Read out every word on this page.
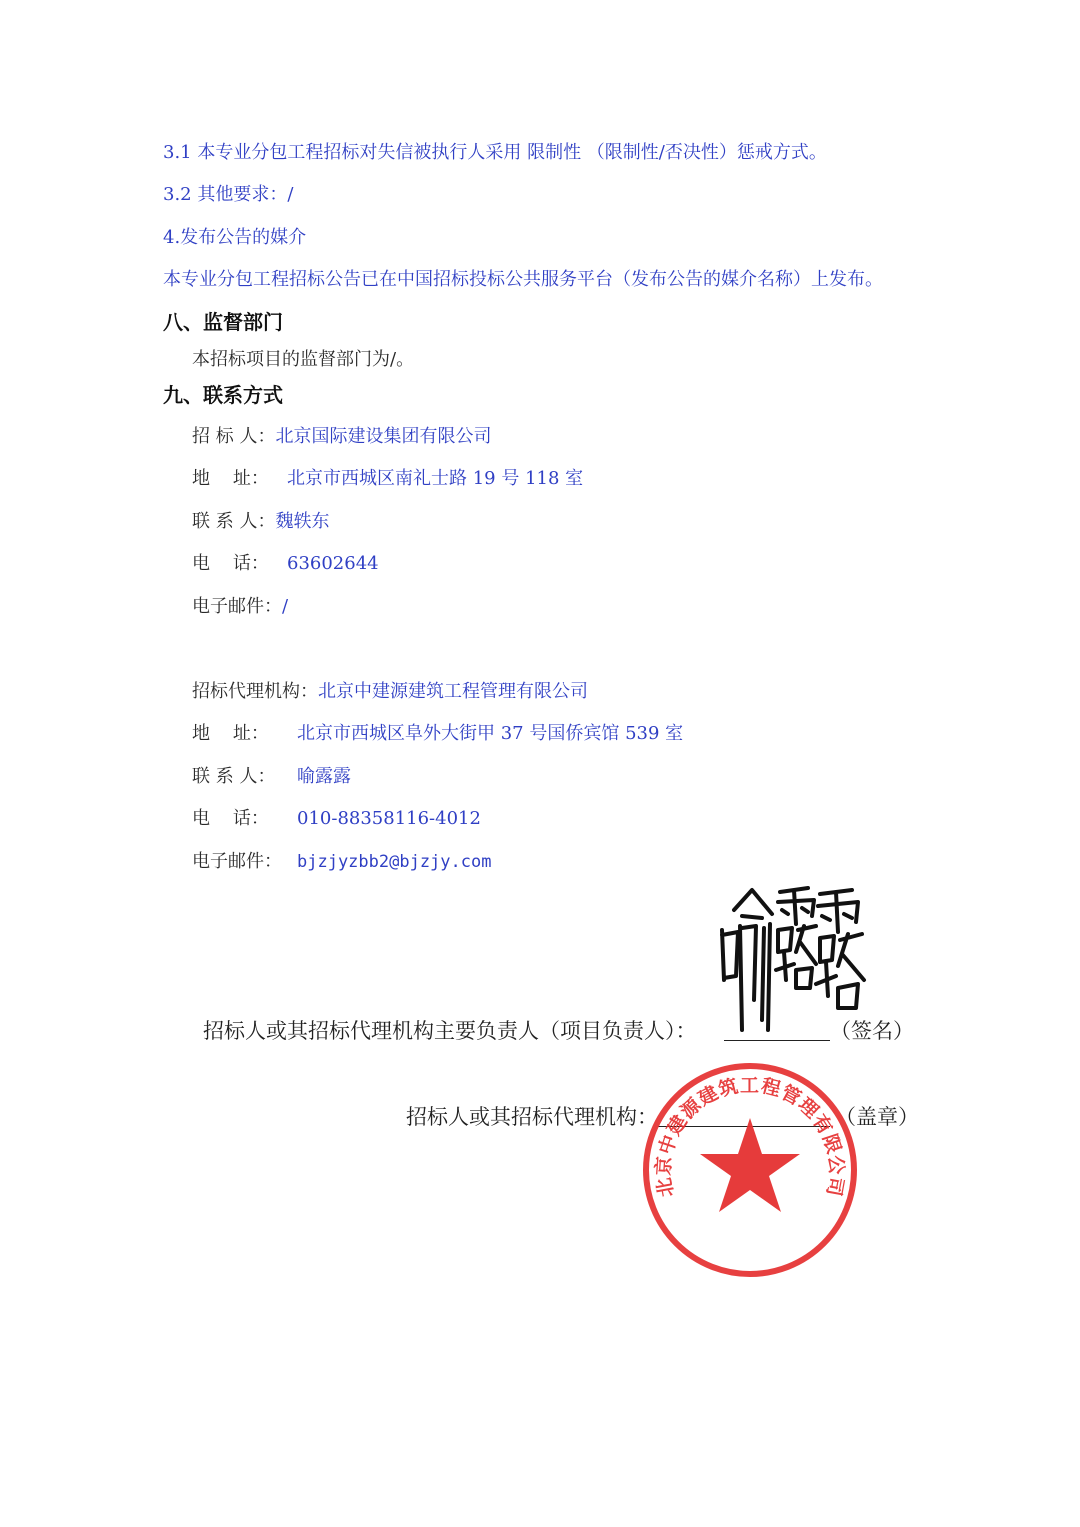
3.1 本专业分包工程招标对失信被执行人采用 限制性 （限制性/否决性）惩戒方式。
3.2 其他要求：/
4.发布公告的媒介
本专业分包工程招标公告已在中国招标投标公共服务平台（发布公告的媒介名称）上发布。
八、监督部门
本招标项目的监督部门为/。
九、联系方式
招 标 人：北京国际建设集团有限公司
地    址： 北京市西城区南礼士路 19 号 118 室
联 系 人：魏轶东
电    话： 63602644
电子邮件：/
招标代理机构：北京中建源建筑工程管理有限公司
地    址： 北京市西城区阜外大街甲 37 号国侨宾馆 539 室
联 系 人： 喻露露
电    话： 010-88358116-4012
电子邮件： bjzjyzbb2@bjzjy.com
招标人或其招标代理机构主要负责人（项目负责人）：	（签名）
招标人或其招标代理机构：	（盖章）
北京中建源建筑工程管理有限公司
